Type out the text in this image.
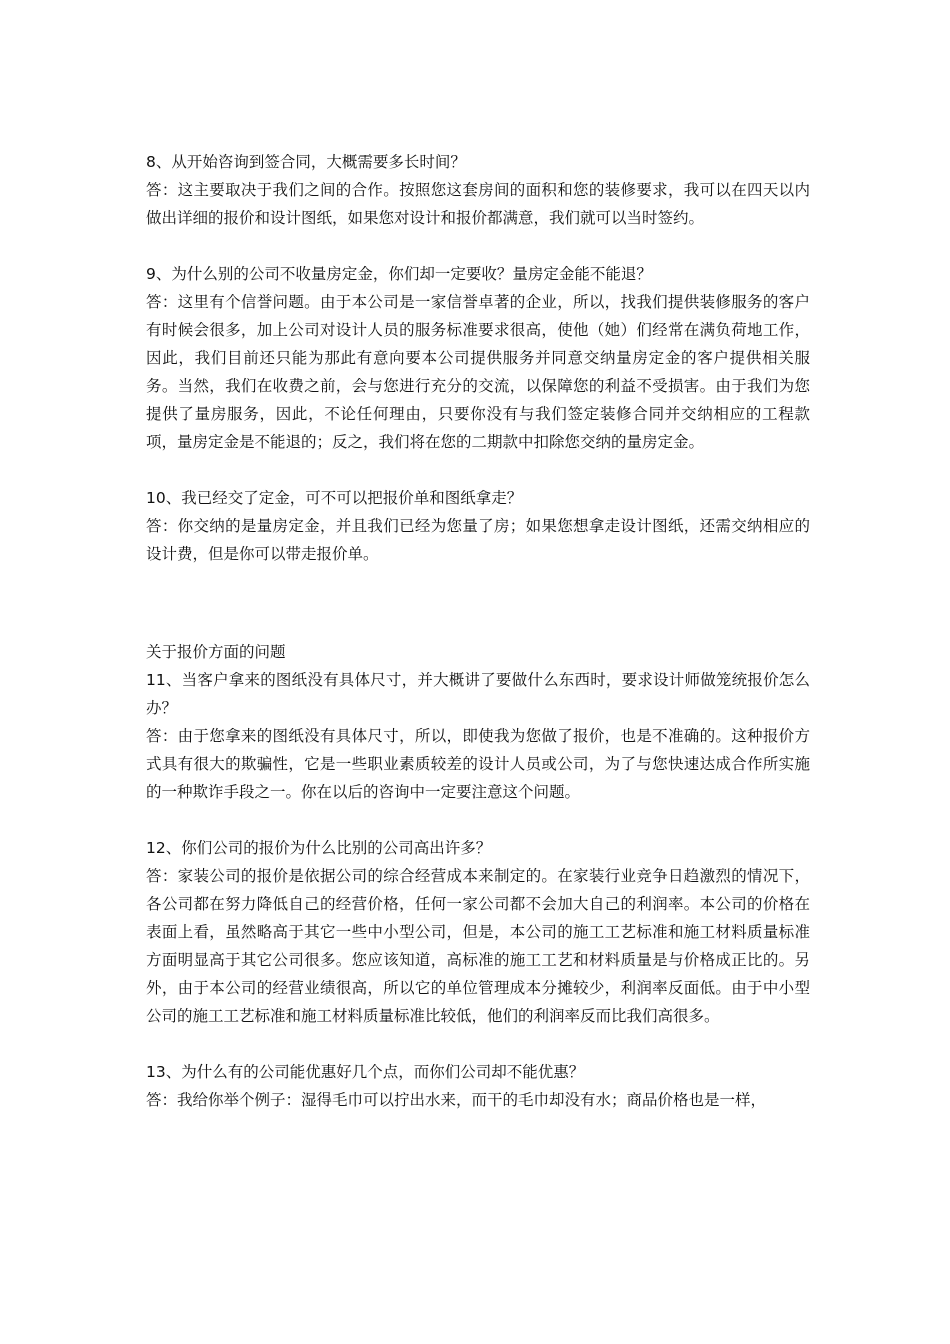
8、从开始咨询到签合同，大概需要多长时间？

答：这主要取决于我们之间的合作。按照您这套房间的面积和您的装修要求，我可以在四天以内做出详细的报价和设计图纸，如果您对设计和报价都满意，我们就可以当时签约。

9、为什么别的公司不收量房定金，你们却一定要收？量房定金能不能退？

答：这里有个信誉问题。由于本公司是一家信誉卓著的企业，所以，找我们提供装修服务的客户有时候会很多，加上公司对设计人员的服务标准要求很高，使他（她）们经常在满负荷地工作，因此，我们目前还只能为那此有意向要本公司提供服务并同意交纳量房定金的客户提供相关服务。当然，我们在收费之前，会与您进行充分的交流，以保障您的利益不受损害。由于我们为您提供了量房服务，因此，不论任何理由，只要你没有与我们签定装修合同并交纳相应的工程款项，量房定金是不能退的；反之，我们将在您的二期款中扣除您交纳的量房定金。

10、我已经交了定金，可不可以把报价单和图纸拿走？

答：你交纳的是量房定金，并且我们已经为您量了房；如果您想拿走设计图纸，还需交纳相应的设计费，但是你可以带走报价单。

关于报价方面的问题

11、当客户拿来的图纸没有具体尺寸，并大概讲了要做什么东西时，要求设计师做笼统报价怎么办？

答：由于您拿来的图纸没有具体尺寸，所以，即使我为您做了报价，也是不准确的。这种报价方式具有很大的欺骗性，它是一些职业素质较差的设计人员或公司，为了与您快速达成合作所实施的一种欺诈手段之一。你在以后的咨询中一定要注意这个问题。

12、你们公司的报价为什么比别的公司高出许多？

答：家装公司的报价是依据公司的综合经营成本来制定的。在家装行业竞争日趋激烈的情况下，各公司都在努力降低自己的经营价格，任何一家公司都不会加大自己的利润率。本公司的价格在表面上看，虽然略高于其它一些中小型公司，但是，本公司的施工工艺标准和施工材料质量标准方面明显高于其它公司很多。您应该知道，高标准的施工工艺和材料质量是与价格成正比的。另外，由于本公司的经营业绩很高，所以它的单位管理成本分摊较少，利润率反面低。由于中小型公司的施工工艺标准和施工材料质量标准比较低，他们的利润率反而比我们高很多。

13、为什么有的公司能优惠好几个点，而你们公司却不能优惠？

答：我给你举个例子：湿得毛巾可以拧出水来，而干的毛巾却没有水；商品价格也是一样，
